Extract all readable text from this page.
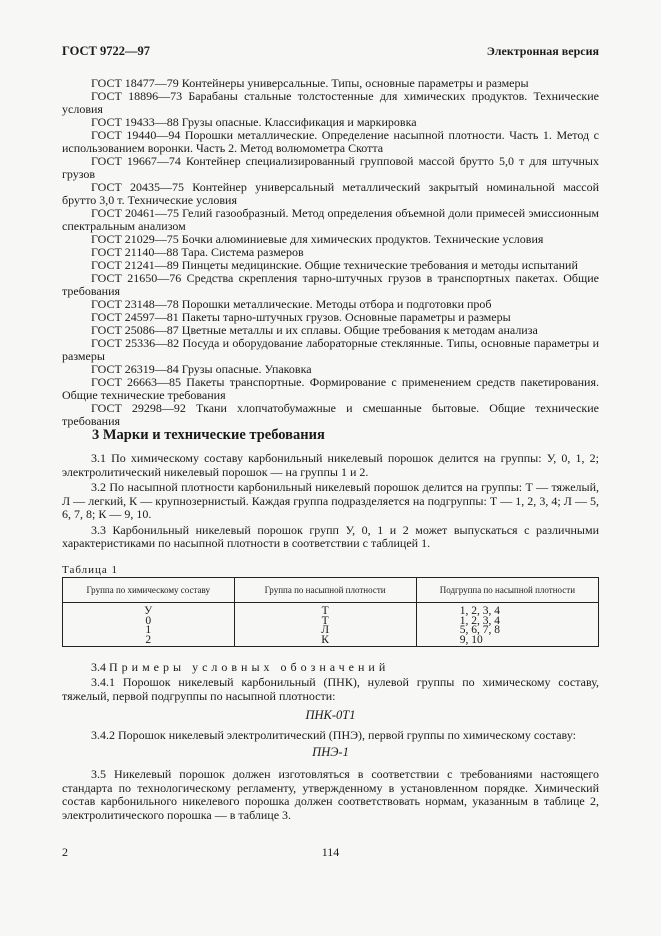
ГОСТ 9722—97	Электронная версия
ГОСТ 18477—79 Контейнеры универсальные. Типы, основные параметры и размеры
ГОСТ 18896—73 Барабаны стальные толстостенные для химических продуктов. Технические условия
ГОСТ 19433—88 Грузы опасные. Классификация и маркировка
ГОСТ 19440—94 Порошки металлические. Определение насыпной плотности. Часть 1. Метод с использованием воронки. Часть 2. Метод волюмометра Скотта
ГОСТ 19667—74 Контейнер специализированный групповой массой брутто 5,0 т для штучных грузов
ГОСТ 20435—75 Контейнер универсальный металлический закрытый номинальной массой брутто 3,0 т. Технические условия
ГОСТ 20461—75 Гелий газообразный. Метод определения объемной доли примесей эмиссионным спектральным анализом
ГОСТ 21029—75 Бочки алюминиевые для химических продуктов. Технические условия
ГОСТ 21140—88 Тара. Система размеров
ГОСТ 21241—89 Пинцеты медицинские. Общие технические требования и методы испытаний
ГОСТ 21650—76 Средства скрепления тарно-штучных грузов в транспортных пакетах. Общие требования
ГОСТ 23148—78 Порошки металлические. Методы отбора и подготовки проб
ГОСТ 24597—81 Пакеты тарно-штучных грузов. Основные параметры и размеры
ГОСТ 25086—87 Цветные металлы и их сплавы. Общие требования к методам анализа
ГОСТ 25336—82 Посуда и оборудование лабораторные стеклянные. Типы, основные параметры и размеры
ГОСТ 26319—84 Грузы опасные. Упаковка
ГОСТ 26663—85 Пакеты транспортные. Формирование с применением средств пакетирования. Общие технические требования
ГОСТ 29298—92 Ткани хлопчатобумажные и смешанные бытовые. Общие технические требования
3 Марки и технические требования

3.1 По химическому составу карбонильный никелевый порошок делится на группы: У, 0, 1, 2; электролитический никелевый порошок — на группы 1 и 2.

3.2 По насыпной плотности карбонильный никелевый порошок делится на группы: Т — тяжелый, Л — легкий, К — крупнозернистый. Каждая группа подразделяется на подгруппы: Т — 1, 2, 3, 4; Л — 5, 6, 7, 8; К — 9, 10.

3.3 Карбонильный никелевый порошок групп У, 0, 1 и 2 может выпускаться с различными характеристиками по насыпной плотности в соответствии с таблицей 1.

Таблица 1
Группа по химическому составу	Группа по насыпной плотности	Подгруппа по насыпной плотности
У	Т	1, 2, 3, 4
0	Т	1, 2, 3, 4
1	Л	5, 6, 7, 8
2	К	9, 10
3.4 Примеры условных обозначений

3.4.1 Порошок никелевый карбонильный (ПНК), нулевой группы по химическому составу, тяжелый, первой подгруппы по насыпной плотности:

ПНК-0Т1

3.4.2 Порошок никелевый электролитический (ПНЭ), первой группы по химическому составу:

ПНЭ-1

3.5 Никелевый порошок должен изготовляться в соответствии с требованиями настоящего стандарта по технологическому регламенту, утвержденному в установленном порядке. Химический состав карбонильного никелевого порошка должен соответствовать нормам, указанным в таблице 2, электролитического порошка — в таблице 3.

2	114
